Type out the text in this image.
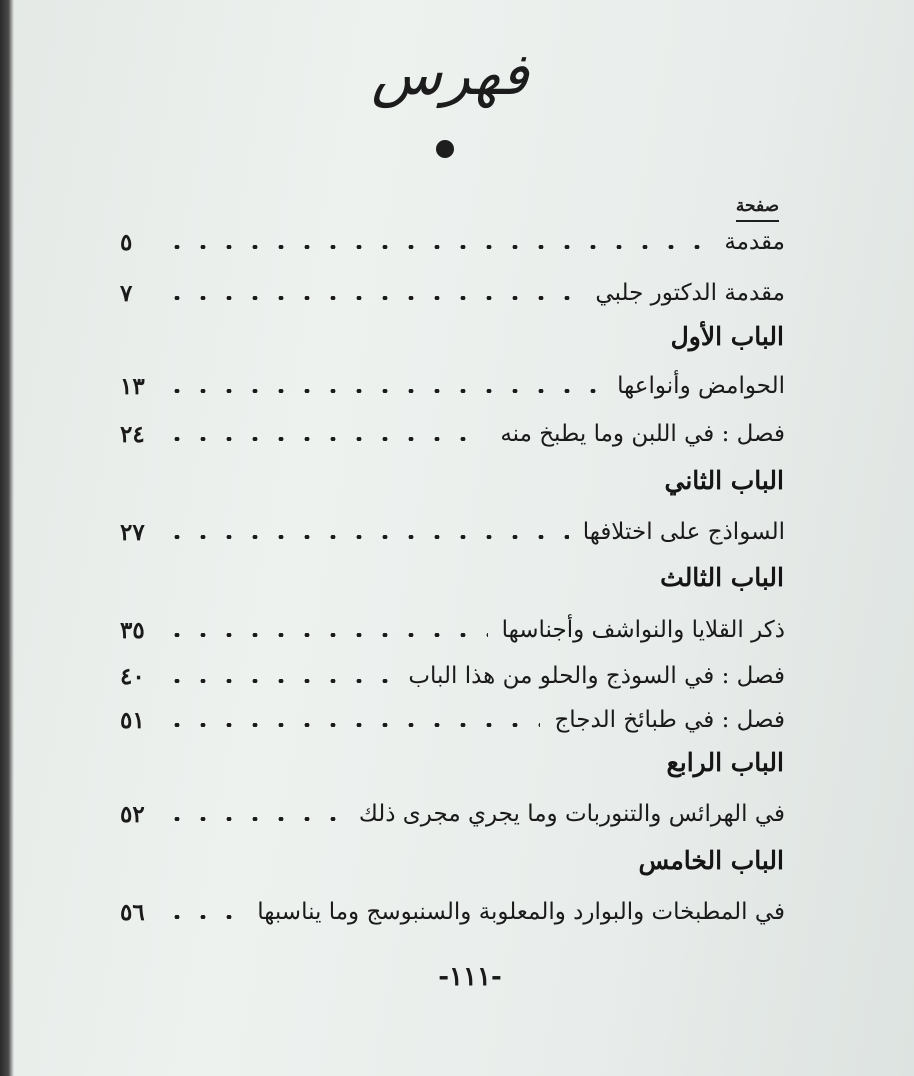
فهرس
صفحة
مقدمة
٥
مقدمة الدكتور جلبي
٧
الباب الأول
الحوامض وأنواعها
١٣
فصل : في اللبن وما يطبخ منه
٢٤
الباب الثاني
السواذج على اختلافها
٢٧
الباب الثالث
ذكر القلايا والنواشف وأجناسها
٣٥
فصل : في السوذج والحلو من هذا الباب
٤٠
فصل : في طبائخ الدجاج
٥١
الباب الرابع
في الهرائس والتنوربات وما يجري مجرى ذلك
٥٢
الباب الخامس
في المطبخات والبوارد والمعلوبة والسنبوسج وما يناسبها
٥٦
-١١١-
